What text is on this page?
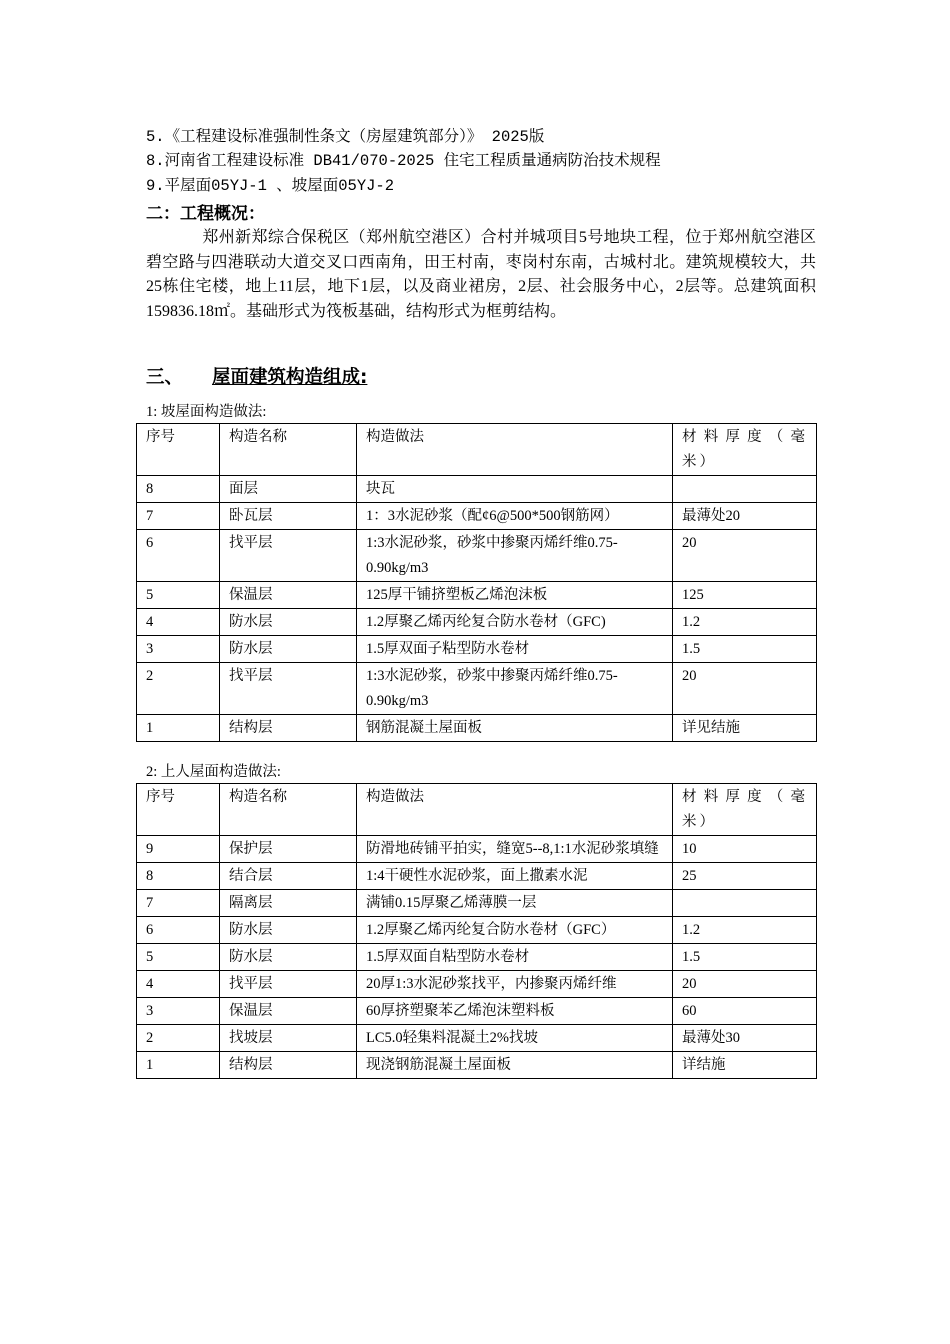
5.《工程建设标准强制性条文（房屋建筑部分）》 2025版
8.河南省工程建设标准 DB41/070-2025 住宅工程质量通病防治技术规程
9.平屋面05YJ-1 、坡屋面05YJ-2
二：工程概况：
郑州新郑综合保税区（郑州航空港区）合村并城项目5号地块工程，位于郑州航空港区碧空路与四港联动大道交叉口西南角，田王村南，枣岗村东南，古城村北。建筑规模较大，共25栋住宅楼，地上11层，地下1层，以及商业裙房，2层、社会服务中心，2层等。总建筑面积159836.18㎡。基础形式为筏板基础，结构形式为框剪结构。
三、 屋面建筑构造组成:
1: 坡屋面构造做法:
序号	构造名称	构造做法	材料厚度（毫米）
8	面层	块瓦	
7	卧瓦层	1：3水泥砂浆（配¢6@500*500钢筋网）	最薄处20
6	找平层	1:3水泥砂浆，砂浆中掺聚丙烯纤维0.75-0.90kg/m3	20
5	保温层	125厚干铺挤塑板乙烯泡沫板	125
4	防水层	1.2厚聚乙烯丙纶复合防水卷材（GFC)	1.2
3	防水层	1.5厚双面子粘型防水卷材	1.5
2	找平层	1:3水泥砂浆，砂浆中掺聚丙烯纤维0.75-0.90kg/m3	20
1	结构层	钢筋混凝土屋面板	详见结施
2: 上人屋面构造做法:
序号	构造名称	构造做法	材料厚度（毫米）
9	保护层	防滑地砖铺平拍实，缝宽5--8,1:1水泥砂浆填缝	10
8	结合层	1:4干硬性水泥砂浆，面上撒素水泥	25
7	隔离层	满铺0.15厚聚乙烯薄膜一层	
6	防水层	1.2厚聚乙烯丙纶复合防水卷材（GFC）	1.2
5	防水层	1.5厚双面自粘型防水卷材	1.5
4	找平层	20厚1:3水泥砂浆找平，内掺聚丙烯纤维	20
3	保温层	60厚挤塑聚苯乙烯泡沫塑料板	60
2	找坡层	LC5.0轻集料混凝土2%找坡	最薄处30
1	结构层	现浇钢筋混凝土屋面板	详结施
